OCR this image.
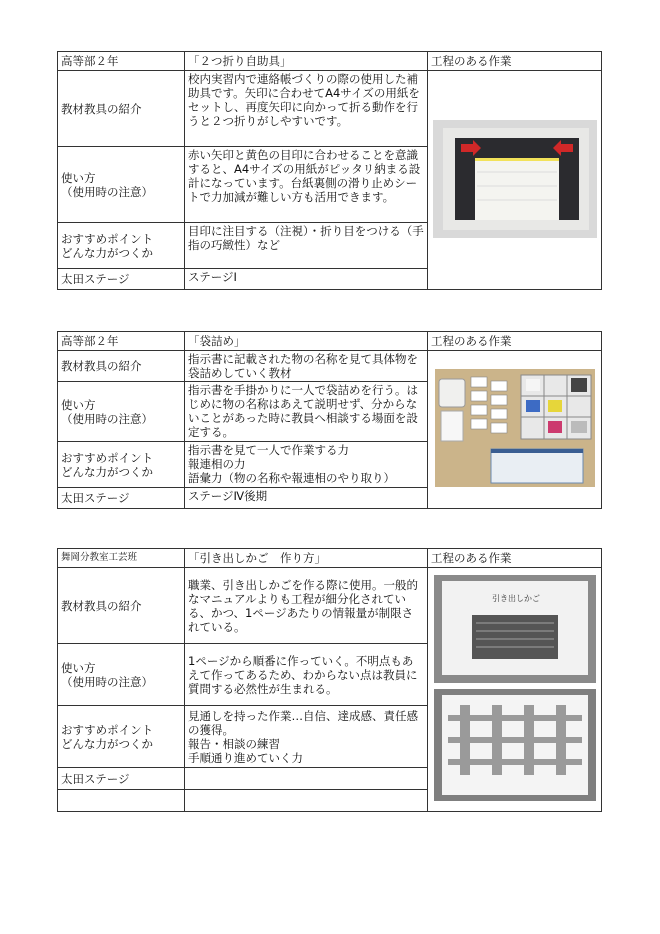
高等部２年	「２つ折り自助具」	工程のある作業
教材教具の紹介	校内実習内で連絡帳づくりの際の使用した補助具です。矢印に合わせてA4サイズの用紙をセットし、再度矢印に向かって折る動作を行うと２つ折りがしやすいです。	
使い方
（使用時の注意）	赤い矢印と黄色の目印に合わせることを意識すると、A4サイズの用紙がピッタリ納まる設計になっています。台紙裏側の滑り止めシートで力加減が難しい方も活用できます。	
おすすめポイント
どんな力がつくか	目印に注目する（注視）・折り目をつける（手指の巧緻性）など	
太田ステージ	ステージⅠ	
高等部２年	「袋詰め」	工程のある作業
教材教具の紹介	指示書に記載された物の名称を見て具体物を袋詰めしていく教材	
使い方
（使用時の注意）	指示書を手掛かりに一人で袋詰めを行う。はじめに物の名称はあえて説明せず、分からないことがあった時に教員へ相談する場面を設定する。	
おすすめポイント
どんな力がつくか	指示書を見て一人で作業する力
報連相の力
語彙力（物の名称や報連相のやり取り）	
太田ステージ	ステージⅣ後期	
舞岡分教室工芸班	「引き出しかご　作り方」	工程のある作業
教材教具の紹介	職業、引き出しかごを作る際に使用。一般的なマニュアルよりも工程が細分化されている、かつ、1ページあたりの情報量が制限されている。	引き出しかご

使い方
（使用時の注意）	1ページから順番に作っていく。不明点もあえて作ってあるため、わからない点は教員に質問する必然性が生まれる。	
おすすめポイント
どんな力がつくか	見通しを持った作業…自信、達成感、責任感の獲得。
報告・相談の練習
手順通り進めていく力	
太田ステージ		
